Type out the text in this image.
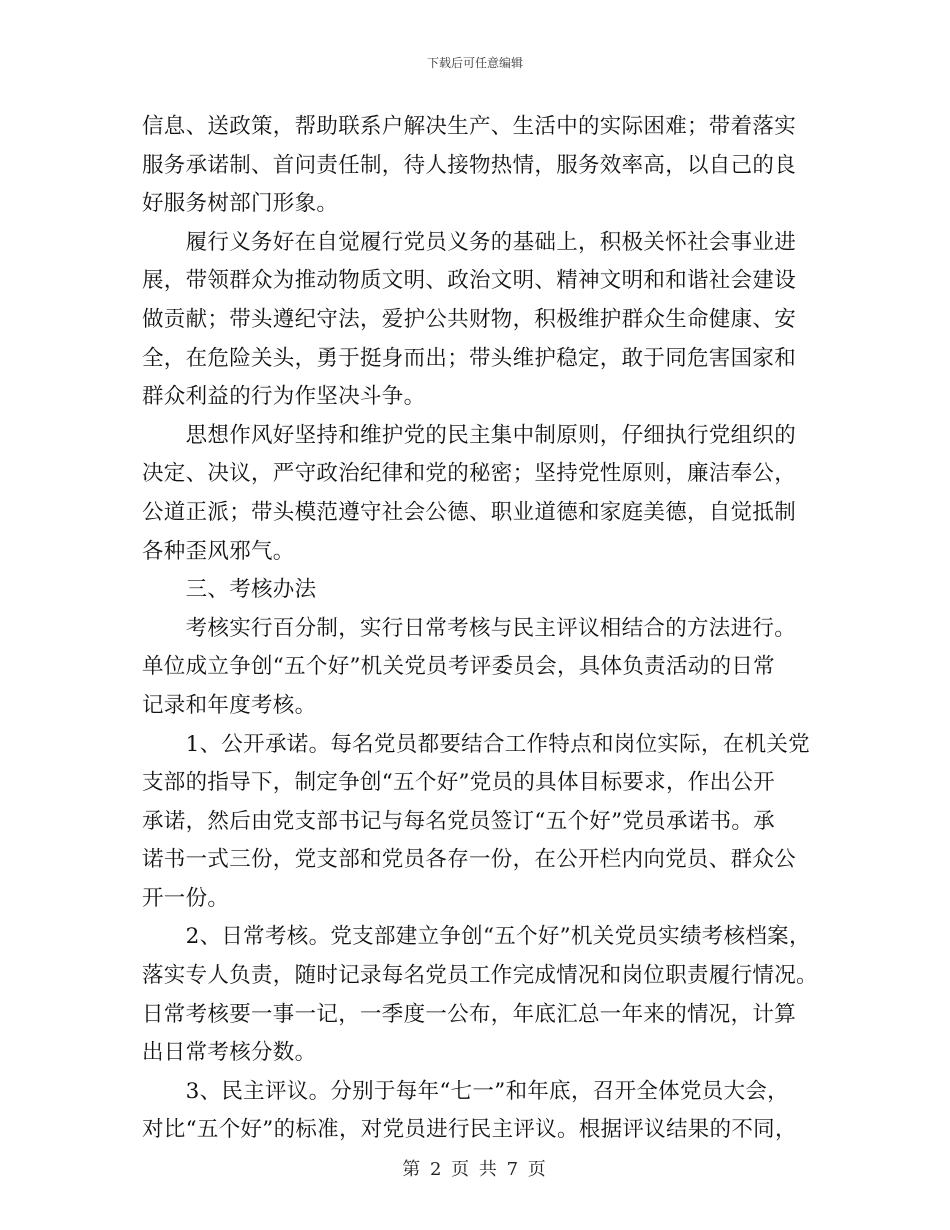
下载后可任意编辑
信息、送政策，帮助联系户解决生产、生活中的实际困难；带着落实
服务承诺制、首问责任制，待人接物热情，服务效率高，以自己的良
好服务树部门形象。
　　履行义务好在自觉履行党员义务的基础上，积极关怀社会事业进
展，带领群众为推动物质文明、政治文明、精神文明和和谐社会建设
做贡献；带头遵纪守法，爱护公共财物，积极维护群众生命健康、安
全，在危险关头，勇于挺身而出；带头维护稳定，敢于同危害国家和
群众利益的行为作坚决斗争。
　　思想作风好坚持和维护党的民主集中制原则，仔细执行党组织的
决定、决议，严守政治纪律和党的秘密；坚持党性原则，廉洁奉公，
公道正派；带头模范遵守社会公德、职业道德和家庭美德，自觉抵制
各种歪风邪气。
　　三、考核办法
　　考核实行百分制，实行日常考核与民主评议相结合的方法进行。
单位成立争创“五个好”机关党员考评委员会，具体负责活动的日常
记录和年度考核。
　　1、公开承诺。每名党员都要结合工作特点和岗位实际，在机关党
支部的指导下，制定争创“五个好”党员的具体目标要求，作出公开
承诺，然后由党支部书记与每名党员签订“五个好”党员承诺书。承
诺书一式三份，党支部和党员各存一份，在公开栏内向党员、群众公
开一份。
　　2、日常考核。党支部建立争创“五个好”机关党员实绩考核档案，
落实专人负责，随时记录每名党员工作完成情况和岗位职责履行情况。
日常考核要一事一记，一季度一公布，年底汇总一年来的情况，计算
出日常考核分数。
　　3、民主评议。分别于每年“七一”和年底，召开全体党员大会，
对比“五个好”的标准，对党员进行民主评议。根据评议结果的不同，
第 2 页 共 7 页
